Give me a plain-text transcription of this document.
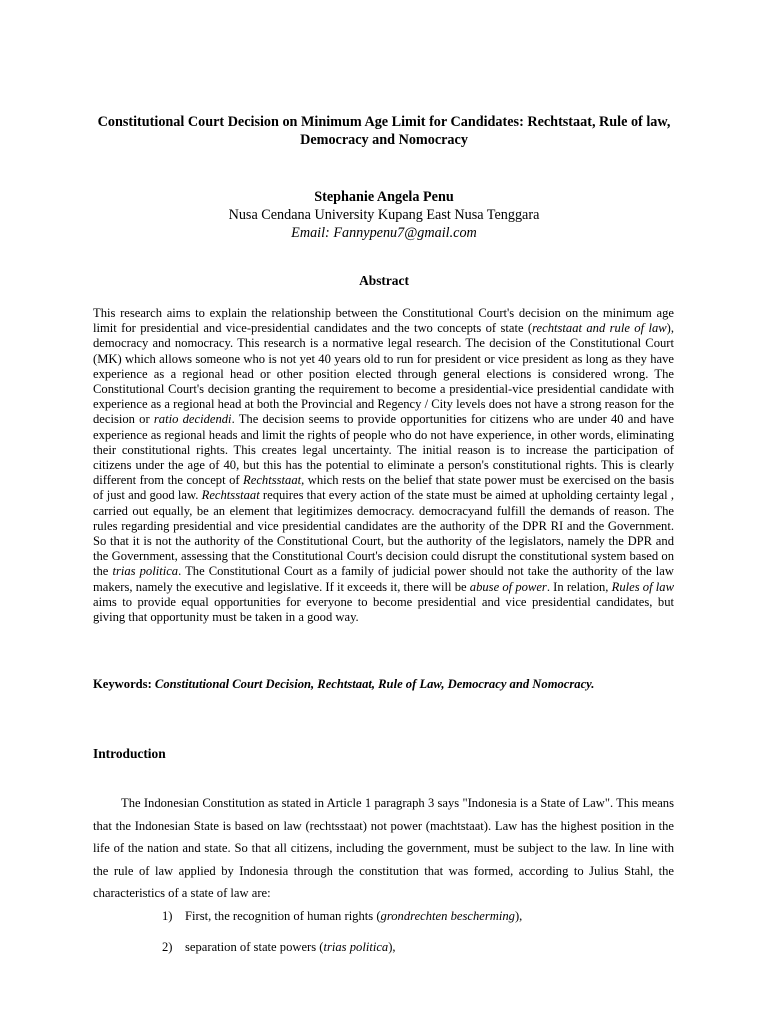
Constitutional Court Decision on Minimum Age Limit for Candidates: Rechtstaat, Rule of law, Democracy and Nomocracy
Stephanie Angela Penu
Nusa Cendana University Kupang East Nusa Tenggara
Email: Fannypenu7@gmail.com
Abstract

This research aims to explain the relationship between the Constitutional Court's decision on the minimum age limit for presidential and vice-presidential candidates and the two concepts of state (rechtstaat and rule of law), democracy and nomocracy. This research is a normative legal research. The decision of the Constitutional Court (MK) which allows someone who is not yet 40 years old to run for president or vice president as long as they have experience as a regional head or other position elected through general elections is considered wrong. The Constitutional Court's decision granting the requirement to become a presidential-vice presidential candidate with experience as a regional head at both the Provincial and Regency / City levels does not have a strong reason for the decision or ratio decidendi. The decision seems to provide opportunities for citizens who are under 40 and have experience as regional heads and limit the rights of people who do not have experience, in other words, eliminating their constitutional rights. This creates legal uncertainty. The initial reason is to increase the participation of citizens under the age of 40, but this has the potential to eliminate a person's constitutional rights. This is clearly different from the concept of Rechtsstaat, which rests on the belief that state power must be exercised on the basis of just and good law. Rechtsstaat requires that every action of the state must be aimed at upholding certainty legal , carried out equally, be an element that legitimizes democracy. democracyand fulfill the demands of reason. The rules regarding presidential and vice presidential candidates are the authority of the DPR RI and the Government. So that it is not the authority of the Constitutional Court, but the authority of the legislators, namely the DPR and the Government, assessing that the Constitutional Court's decision could disrupt the constitutional system based on the trias politica. The Constitutional Court as a family of judicial power should not take the authority of the law makers, namely the executive and legislative. If it exceeds it, there will be abuse of power. In relation, Rules of law aims to provide equal opportunities for everyone to become presidential and vice presidential candidates, but giving that opportunity must be taken in a good way.

Keywords: Constitutional Court Decision, Rechtstaat, Rule of Law, Democracy and Nomocracy.
Introduction

The Indonesian Constitution as stated in Article 1 paragraph 3 says "Indonesia is a State of Law". This means that the Indonesian State is based on law (rechtsstaat) not power (machtstaat). Law has the highest position in the life of the nation and state. So that all citizens, including the government, must be subject to the law. In line with the rule of law applied by Indonesia through the constitution that was formed, according to Julius Stahl, the characteristics of a state of law are:

1) First, the recognition of human rights (grondrechten bescherming),
2) separation of state powers (trias politica),
